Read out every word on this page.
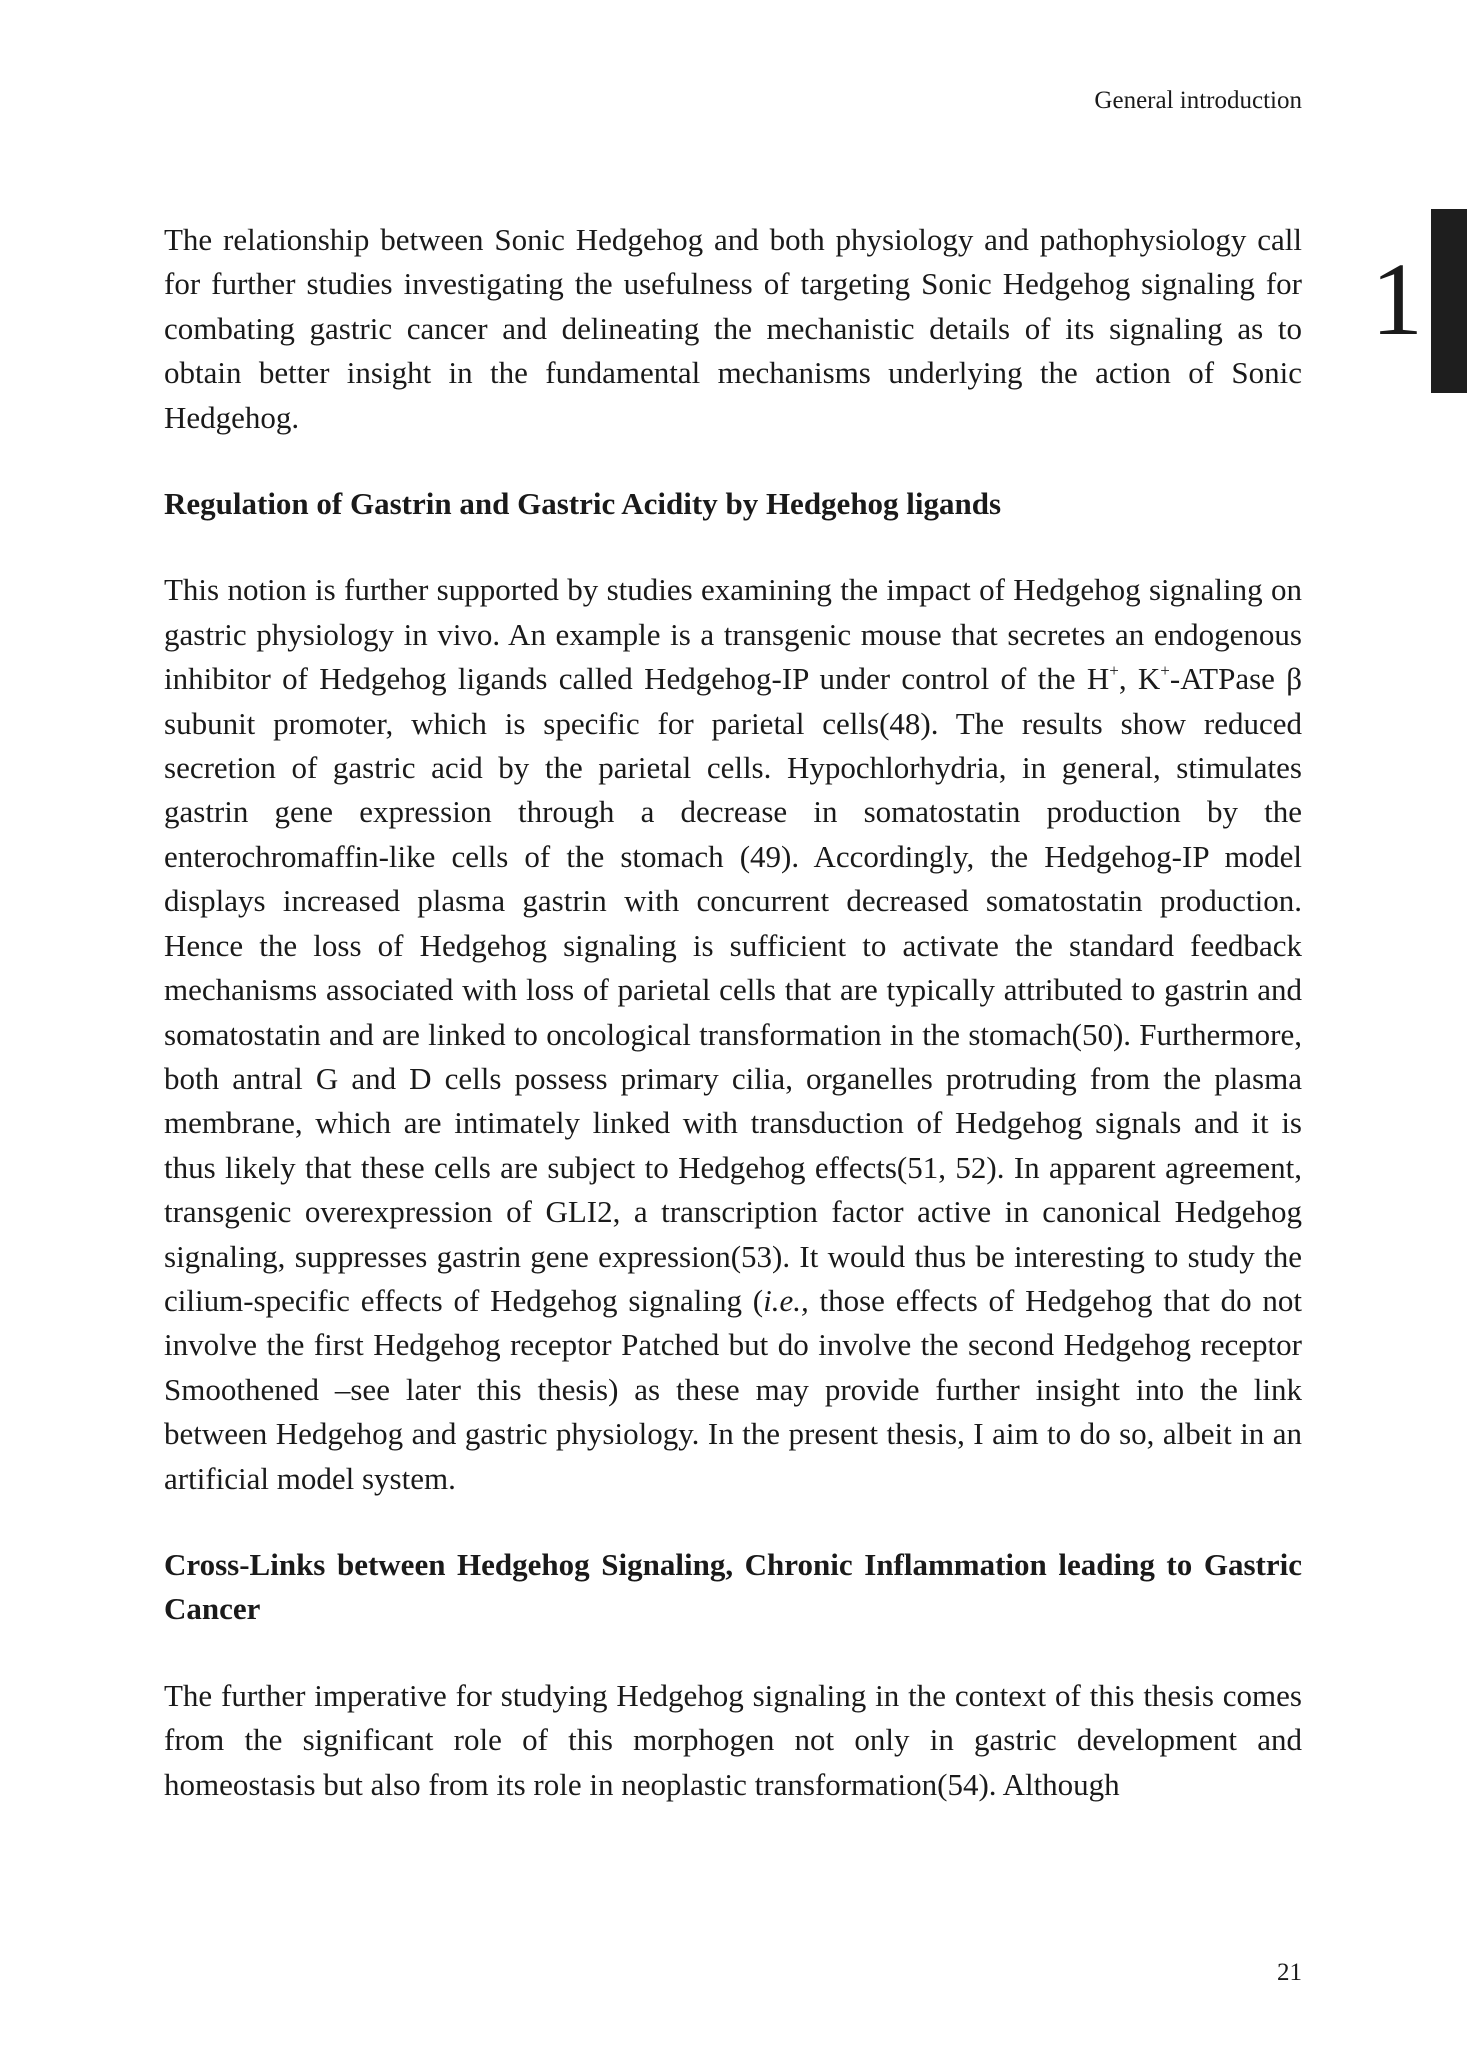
General introduction
1

The relationship between Sonic Hedgehog and both physiology and pathophysiology call for further studies investigating the usefulness of targeting Sonic Hedgehog signaling for combating gastric cancer and delineating the mechanistic details of its signaling as to obtain better insight in the fundamental mechanisms underlying the action of Sonic Hedgehog.

Regulation of Gastrin and Gastric Acidity by Hedgehog ligands

This notion is further supported by studies examining the impact of Hedgehog signaling on gastric physiology in vivo. An example is a transgenic mouse that secretes an endogenous inhibitor of Hedgehog ligands called Hedgehog-IP under control of the H+, K+-ATPase β subunit promoter, which is specific for parietal cells(48). The results show reduced secretion of gastric acid by the parietal cells. Hypochlorhydria, in general, stimulates gastrin gene expression through a decrease in somatostatin production by the enterochromaffin-like cells of the stomach (49). Accordingly, the Hedgehog-IP model displays increased plasma gastrin with concurrent decreased somatostatin production. Hence the loss of Hedgehog signaling is sufficient to activate the standard feedback mechanisms associated with loss of parietal cells that are typically attributed to gastrin and somatostatin and are linked to oncological transformation in the stomach(50). Furthermore, both antral G and D cells possess primary cilia, organelles protruding from the plasma membrane, which are intimately linked with transduction of Hedgehog signals and it is thus likely that these cells are subject to Hedgehog effects(51, 52). In apparent agreement, transgenic overexpression of GLI2, a transcription factor active in canonical Hedgehog signaling, suppresses gastrin gene expression(53). It would thus be interesting to study the cilium-specific effects of Hedgehog signaling (i.e., those effects of Hedgehog that do not involve the first Hedgehog receptor Patched but do involve the second Hedgehog receptor Smoothened –see later this thesis) as these may provide further insight into the link between Hedgehog and gastric physiology. In the present thesis, I aim to do so, albeit in an artificial model system.

Cross-Links between Hedgehog Signaling, Chronic Inflammation leading to Gastric Cancer

The further imperative for studying Hedgehog signaling in the context of this thesis comes from the significant role of this morphogen not only in gastric development and homeostasis but also from its role in neoplastic transformation(54). Although

21
